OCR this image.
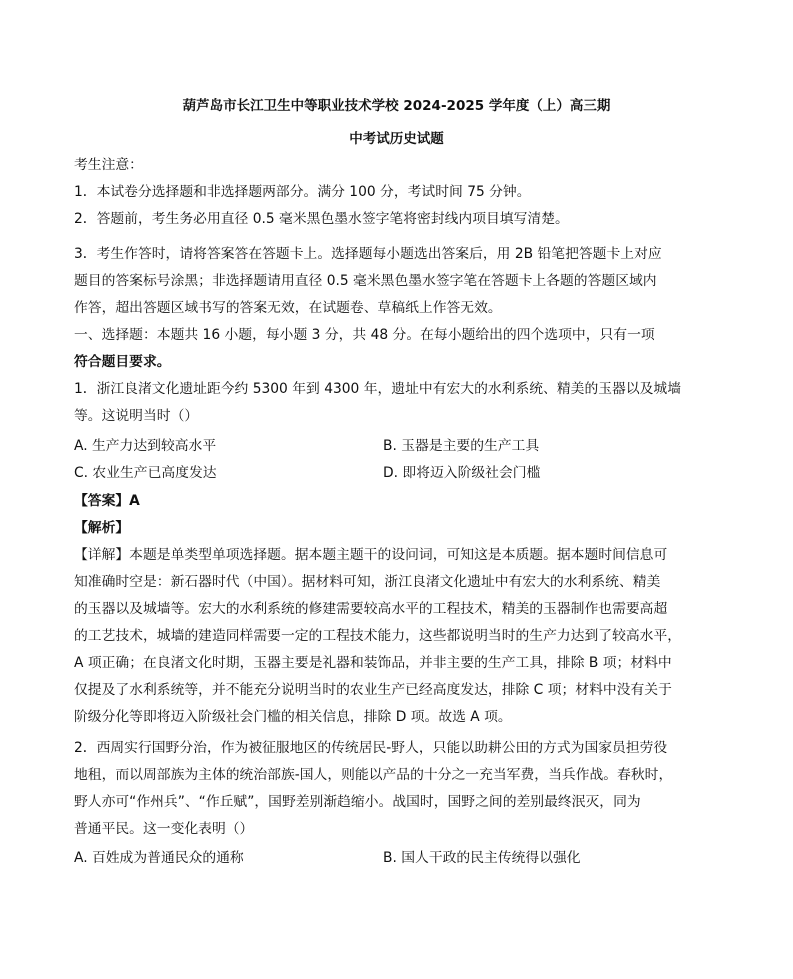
葫芦岛市长江卫生中等职业技术学校 2024-2025 学年度（上）高三期
中考试历史试题
考生注意：
1．本试卷分选择题和非选择题两部分。满分 100 分，考试时间 75 分钟。
2．答题前，考生务必用直径 0.5 毫米黑色墨水签字笔将密封线内项目填写清楚。
3．考生作答时，请将答案答在答题卡上。选择题每小题选出答案后，用 2B 铅笔把答题卡上对应
题目的答案标号涂黑；非选择题请用直径 0.5 毫米黑色墨水签字笔在答题卡上各题的答题区域内
作答，超出答题区域书写的答案无效，在试题卷、草稿纸上作答无效。
一、选择题：本题共 16 小题，每小题 3 分，共 48 分。在每小题给出的四个选项中，只有一项
符合题目要求。
1．浙江良渚文化遗址距今约 5300 年到 4300 年，遗址中有宏大的水利系统、精美的玉器以及城墙
等。这说明当时（）
A. 生产力达到较高水平	B. 玉器是主要的生产工具
C. 农业生产已高度发达	D. 即将迈入阶级社会门槛
【答案】A
【解析】
【详解】本题是单类型单项选择题。据本题主题干的设问词，可知这是本质题。据本题时间信息可
知准确时空是：新石器时代（中国）。据材料可知，浙江良渚文化遗址中有宏大的水利系统、精美
的玉器以及城墙等。宏大的水利系统的修建需要较高水平的工程技术，精美的玉器制作也需要高超
的工艺技术，城墙的建造同样需要一定的工程技术能力，这些都说明当时的生产力达到了较高水平，
A 项正确；在良渚文化时期，玉器主要是礼器和装饰品，并非主要的生产工具，排除 B 项；材料中
仅提及了水利系统等，并不能充分说明当时的农业生产已经高度发达，排除 C 项；材料中没有关于
阶级分化等即将迈入阶级社会门槛的相关信息，排除 D 项。故选 A 项。
2．西周实行国野分治，作为被征服地区的传统居民-野人，只能以助耕公田的方式为国家员担劳役
地租，而以周部族为主体的统治部族-国人，则能以产品的十分之一充当军费，当兵作战。春秋时，
野人亦可“作州兵”、“作丘赋”，国野差别渐趋缩小。战国时，国野之间的差别最终泯灭，同为
普通平民。这一变化表明（）
A. 百姓成为普通民众的通称	B. 国人干政的民主传统得以强化
